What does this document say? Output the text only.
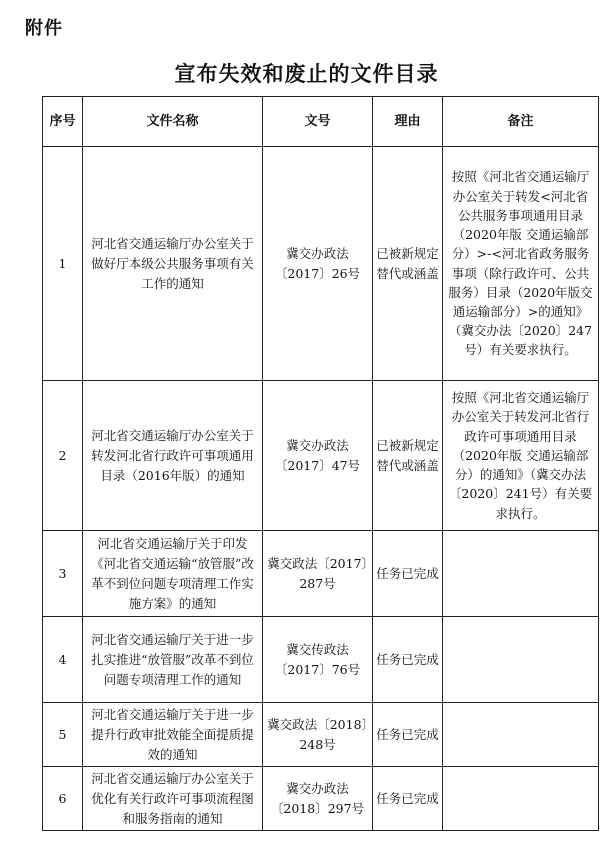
附件
宣布失效和废止的文件目录
序号	文件名称	文号	理由	备注
1	河北省交通运输厅办公室关于做好厅本级公共服务事项有关工作的通知	冀交办政法〔2017〕26号	已被新规定替代或涵盖	按照《河北省交通运输厅办公室关于转发<河北省公共服务事项通用目录（2020年版 交通运输部分）>-<河北省政务服务事项（除行政许可、公共服务）目录（2020年版交通运输部分）>的通知》（冀交办法〔2020〕247号）有关要求执行。
2	河北省交通运输厅办公室关于转发河北省行政许可事项通用目录（2016年版）的通知	冀交办政法〔2017〕47号	已被新规定替代或涵盖	按照《河北省交通运输厅办公室关于转发河北省行政许可事项通用目录（2020年版 交通运输部分）的通知》（冀交办法〔2020〕241号）有关要求执行。
3	河北省交通运输厅关于印发《河北省交通运输“放管服”改革不到位问题专项清理工作实施方案》的通知	冀交政法〔2017〕287号	任务已完成	
4	河北省交通运输厅关于进一步扎实推进“放管服”改革不到位问题专项清理工作的通知	冀交传政法〔2017〕76号	任务已完成	
5	河北省交通运输厅关于进一步提升行政审批效能全面提质提效的通知	冀交政法〔2018〕248号	任务已完成	
6	河北省交通运输厅办公室关于优化有关行政许可事项流程图和服务指南的通知	冀交办政法〔2018〕297号	任务已完成	
